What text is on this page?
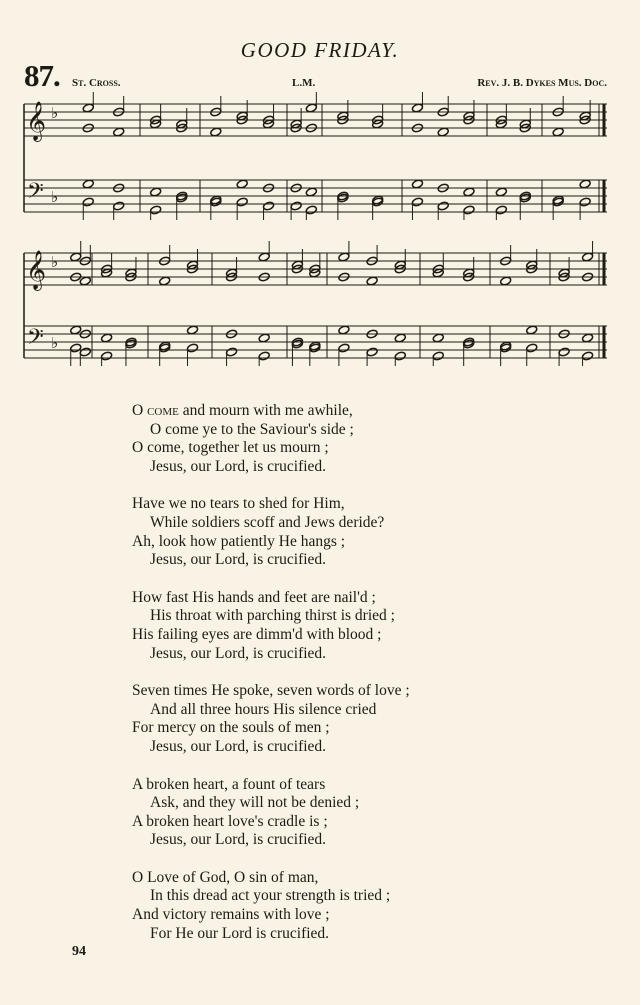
GOOD FRIDAY.
87. St. Cross.	L.M.	Rev. J. B. Dykes Mus. Doc.
𝄞
𝄢
♭
♭
𝄞
𝄢
♭
♭
O come and mourn with me awhile,
O come ye to the Saviour's side ;
O come, together let us mourn ;
Jesus, our Lord, is crucified.
Have we no tears to shed for Him,
While soldiers scoff and Jews deride?
Ah, look how patiently He hangs ;
Jesus, our Lord, is crucified.
How fast His hands and feet are nail'd ;
His throat with parching thirst is dried ;
His failing eyes are dimm'd with blood ;
Jesus, our Lord, is crucified.
Seven times He spoke, seven words of love ;
And all three hours His silence cried
For mercy on the souls of men ;
Jesus, our Lord, is crucified.
A broken heart, a fount of tears
Ask, and they will not be denied ;
A broken heart love's cradle is ;
Jesus, our Lord, is crucified.
O Love of God, O sin of man,
In this dread act your strength is tried ;
And victory remains with love ;
For He our Lord is crucified.
94
